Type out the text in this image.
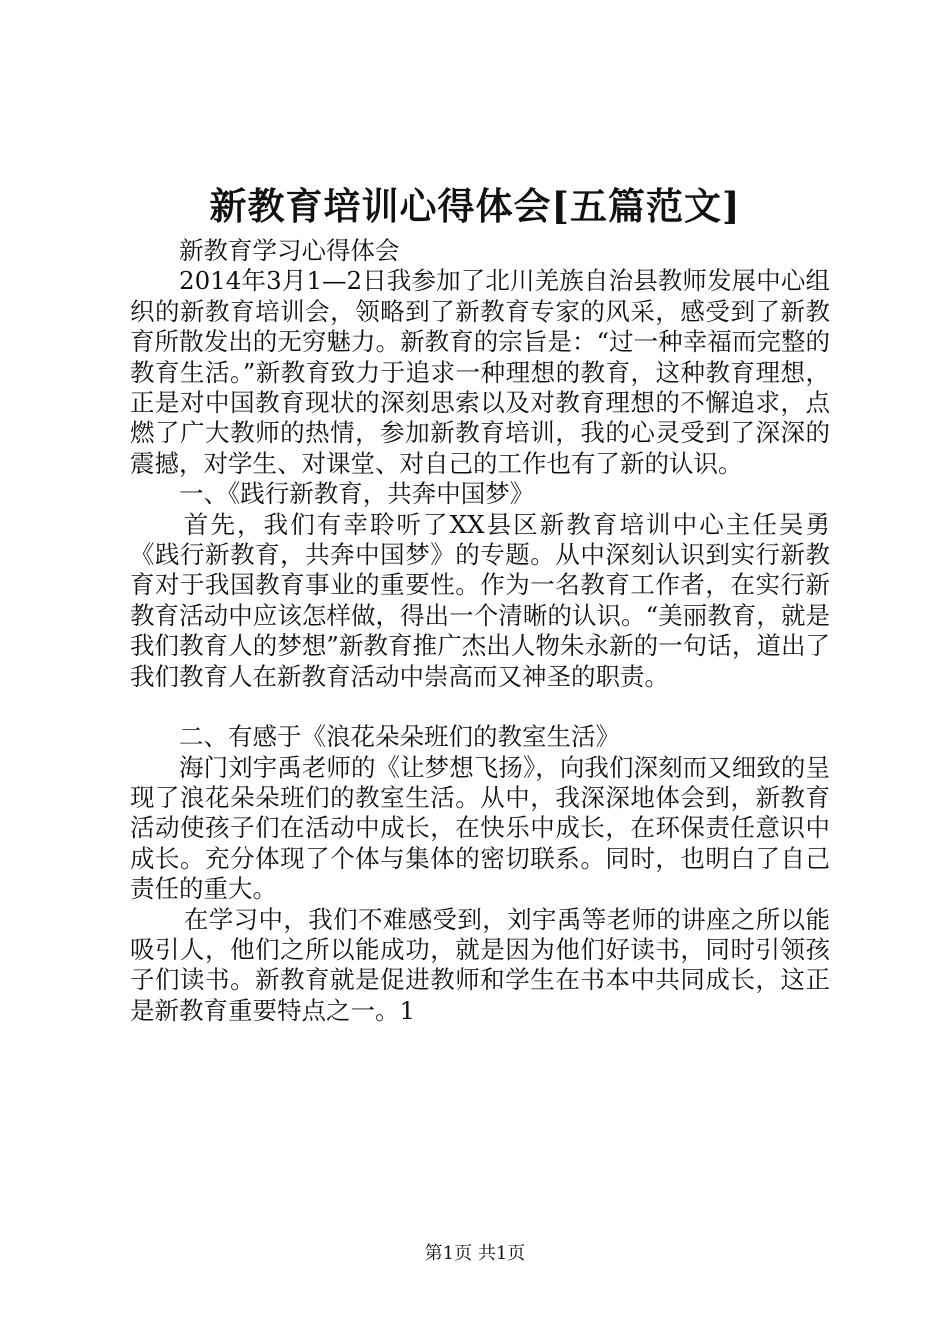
新教育培训心得体会[五篇范文]

新教育学习心得体会

2014年3月1—2日我参加了北川羌族自治县教师发展中心组织的新教育培训会，领略到了新教育专家的风采，感受到了新教育所散发出的无穷魅力。新教育的宗旨是：“过一种幸福而完整的教育生活。”新教育致力于追求一种理想的教育，这种教育理想，正是对中国教育现状的深刻思索以及对教育理想的不懈追求，点燃了广大教师的热情，参加新教育培训，我的心灵受到了深深的震撼，对学生、对课堂、对自己的工作也有了新的认识。

一、《践行新教育，共奔中国梦》

首先，我们有幸聆听了XX县区新教育培训中心主任吴勇《践行新教育，共奔中国梦》的专题。从中深刻认识到实行新教育对于我国教育事业的重要性。作为一名教育工作者，在实行新教育活动中应该怎样做，得出一个清晰的认识。“美丽教育，就是我们教育人的梦想”新教育推广杰出人物朱永新的一句话，道出了我们教育人在新教育活动中崇高而又神圣的职责。

二、有感于《浪花朵朵班们的教室生活》

海门刘宇禹老师的《让梦想飞扬》，向我们深刻而又细致的呈现了浪花朵朵班们的教室生活。从中，我深深地体会到，新教育活动使孩子们在活动中成长，在快乐中成长，在环保责任意识中成长。充分体现了个体与集体的密切联系。同时，也明白了自己责任的重大。

在学习中，我们不难感受到，刘宇禹等老师的讲座之所以能吸引人，他们之所以能成功，就是因为他们好读书，同时引领孩子们读书。新教育就是促进教师和学生在书本中共同成长，这正是新教育重要特点之一。1

第1页 共1页
